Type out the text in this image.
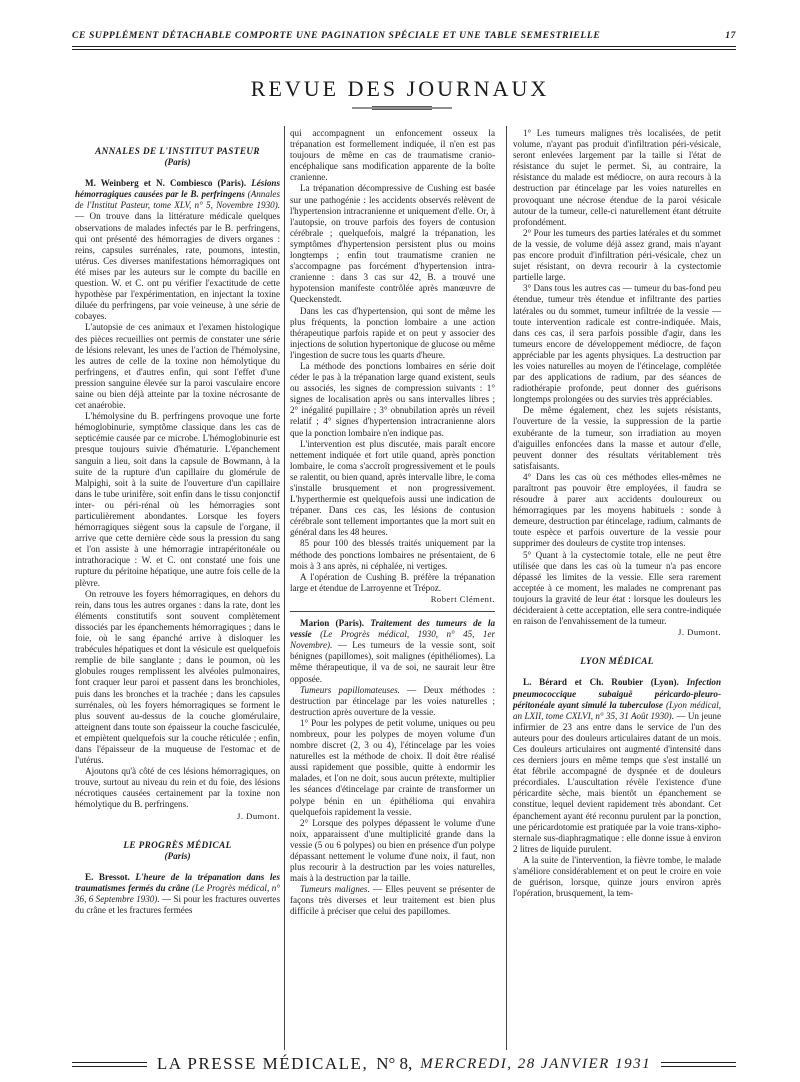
CE SUPPLÉMENT DÉTACHABLE COMPORTE UNE PAGINATION SPÉCIALE ET UNE TABLE SEMESTRIELLE	17
REVUE DES JOURNAUX
ANNALES DE L'INSTITUT PASTEUR
(Paris)

M. Weinberg et N. Combiesco (Paris). Lésions hémorragiques causées par le B. perfringens (Annales de l'Institut Pasteur, tome XLV, n° 5, Novembre 1930). — On trouve dans la littérature médicale quelques observations de malades infectés par le B. perfringens, qui ont présenté des hémorragies de divers organes : reins, capsules surrénales, rate, poumons, intestin, utérus. Ces diverses manifestations hémorragiques ont été mises par les auteurs sur le compte du bacille en question. W. et C. ont pu vérifier l'exactitude de cette hypothèse par l'expérimentation, en injectant la toxine diluée du perfringens, par voie veineuse, à une série de cobayes.

L'autopsie de ces animaux et l'examen histologique des pièces recueillies ont permis de constater une série de lésions relevant, les unes de l'action de l'hémolysine, les autres de celle de la toxine non hémolytique du perfringens, et d'autres enfin, qui sont l'effet d'une pression sanguine élevée sur la paroi vasculaire encore saine ou bien déjà atteinte par la toxine nécrosante de cet anaérobie.

L'hémolysine du B. perfringens provoque une forte hémoglobinurie, symptôme classique dans les cas de septicémie causée par ce microbe. L'hémoglobinurie est presque toujours suivie d'hématurie. L'épanchement sanguin a lieu, soit dans la capsule de Bowmann, à la suite de la rupture d'un capillaire du glomérule de Malpighi, soit à la suite de l'ouverture d'un capillaire dans le tube urinifère, soit enfin dans le tissu conjonctif inter- ou péri-rénal où les hémorragies sont particulièrement abondantes. Lorsque les foyers hémorragiques siègent sous la capsule de l'organe, il arrive que cette dernière cède sous la pression du sang et l'on assiste à une hémorragie intrapéritonéale ou intrathoracique : W. et C. ont constaté une fois une rupture du péritoine hépatique, une autre fois celle de la plèvre.

On retrouve les foyers hémorragiques, en dehors du rein, dans tous les autres organes : dans la rate, dont les éléments constitutifs sont souvent complètement dissociés par les épanchements hémorragiques ; dans le foie, où le sang épanché arrive à disloquer les trabécules hépatiques et dont la vésicule est quelquefois remplie de bile sanglante ; dans le poumon, où les globules rouges remplissent les alvéoles pulmonaires, font craquer leur paroi et passent dans les bronchioles, puis dans les bronches et la trachée ; dans les capsules surrénales, où les foyers hémorragiques se forment le plus souvent au-dessus de la couche glomérulaire, atteignent dans toute son épaisseur la couche fasciculée, et empiètent quelquefois sur la couche réticulée ; enfin, dans l'épaisseur de la muqueuse de l'estomac et de l'utérus.

Ajoutons qu'à côté de ces lésions hémorragiques, on trouve, surtout au niveau du rein et du foie, des lésions nécrotiques causées certainement par la toxine non hémolytique du B. perfringens.

J. Dumont.
LE PROGRÈS MÉDICAL
(Paris)

E. Bressot. L'heure de la trépanation dans les traumatismes fermés du crâne (Le Progrès médical, n° 36, 6 Septembre 1930). — Si pour les fractures ouvertes du crâne et les fractures fermées

qui accompagnent un enfoncement osseux la trépanation est formellement indiquée, il n'en est pas toujours de même en cas de traumatisme cranio-encéphalique sans modification apparente de la boîte cranienne.

La trépanation décompressive de Cushing est basée sur une pathogénie : les accidents observés relèvent de l'hypertension intracranienne et uniquement d'elle. Or, à l'autopsie, on trouve parfois des foyers de contusion cérébrale ; quelquefois, malgré la trépanation, les symptômes d'hypertension persistent plus ou moins longtemps ; enfin tout traumatisme cranien ne s'accompagne pas forcément d'hypertension intra-cranienne : dans 3 cas sur 42, B. a trouvé une hypotension manifeste contrôlée après manœuvre de Queckenstedt.

Dans les cas d'hypertension, qui sont de même les plus fréquents, la ponction lombaire a une action thérapeutique parfois rapide et on peut y associer des injections de solution hypertonique de glucose ou même l'ingestion de sucre tous les quarts d'heure.

La méthode des ponctions lombaires en série doit céder le pas à la trépanation large quand existent, seuls ou associés, les signes de compression suivants : 1° signes de localisation après ou sans intervalles libres ; 2° inégalité pupillaire ; 3° obnubilation après un réveil relatif ; 4° signes d'hypertension intracranienne alors que la ponction lombaire n'en indique pas.

L'intervention est plus discutée, mais paraît encore nettement indiquée et fort utile quand, après ponction lombaire, le coma s'accroît progressivement et le pouls se ralentit, ou bien quand, après intervalle libre, le coma s'installe brusquement et non progressivement. L'hyperthermie est quelquefois aussi une indication de trépaner. Dans ces cas, les lésions de contusion cérébrale sont tellement importantes que la mort suit en général dans les 48 heures.

85 pour 100 des blessés traités uniquement par la méthode des ponctions lombaires ne présentaient, de 6 mois à 3 ans après, ni céphalée, ni vertiges.

A l'opération de Cushing B. préfère la trépanation large et étendue de Larroyenne et Trépoz.

Robert Clément.

Marion (Paris). Traitement des tumeurs de la vessie (Le Progrès médical, 1930, n° 45, 1er Novembre). — Les tumeurs de la vessie sont, soit bénignes (papillomes), soit malignes (épithéliomes). La même thérapeutique, il va de soi, ne saurait leur être opposée.

Tumeurs papillomateuses. — Deux méthodes : destruction par étincelage par les voies naturelles ; destruction après ouverture de la vessie.

1° Pour les polypes de petit volume, uniques ou peu nombreux, pour les polypes de moyen volume d'un nombre discret (2, 3 ou 4), l'étincelage par les voies naturelles est la méthode de choix. Il doit être réalisé aussi rapidement que possible, quitte à endormir les malades, et l'on ne doit, sous aucun prétexte, multiplier les séances d'étincelage par crainte de transformer un polype bénin en un épithélioma qui envahira quelquefois rapidement la vessie.

2° Lorsque des polypes dépassent le volume d'une noix, apparaissent d'une multiplicité grande dans la vessie (5 ou 6 polypes) ou bien en présence d'un polype dépassant nettement le volume d'une noix, il faut, non plus recourir à la destruction par les voies naturelles, mais à la destruction par la taille.

Tumeurs malignes. — Elles peuvent se présenter de façons très diverses et leur traitement est bien plus difficile à préciser que celui des papillomes.

1° Les tumeurs malignes très localisées, de petit volume, n'ayant pas produit d'infiltration péri-vésicale, seront enlevées largement par la taille si l'état de résistance du sujet le permet. Si, au contraire, la résistance du malade est médiocre, on aura recours à la destruction par étincelage par les voies naturelles en provoquant une nécrose étendue de la paroi vésicale autour de la tumeur, celle-ci naturellement étant détruite profondément.

2° Pour les tumeurs des parties latérales et du sommet de la vessie, de volume déjà assez grand, mais n'ayant pas encore produit d'infiltration péri-vésicale, chez un sujet résistant, on devra recourir à la cystectomie partielle large.

3° Dans tous les autres cas — tumeur du bas-fond peu étendue, tumeur très étendue et infiltrante des parties latérales ou du sommet, tumeur infiltrée de la vessie — toute intervention radicale est contre-indiquée. Mais, dans ces cas, il sera parfois possible d'agir, dans les tumeurs encore de développement médiocre, de façon appréciable par les agents physiques. La destruction par les voies naturelles au moyen de l'étincelage, complétée par des applications de radium, par des séances de radiothérapie profonde, peut donner des guérisons longtemps prolongées ou des survies très appréciables.

De même également, chez les sujets résistants, l'ouverture de la vessie, la suppression de la partie exubérante de la tumeur, son irradiation au moyen d'aiguilles enfoncées dans la masse et autour d'elle, peuvent donner des résultats véritablement très satisfaisants.

4° Dans les cas où ces méthodes elles-mêmes ne paraîtront pas pouvoir être employées, il faudra se résoudre à parer aux accidents douloureux ou hémorragiques par les moyens habituels : sonde à demeure, destruction par étincelage, radium, calmants de toute espèce et parfois ouverture de la vessie pour supprimer des douleurs de cystite trop intenses.

5° Quant à la cystectomie totale, elle ne peut être utilisée que dans les cas où la tumeur n'a pas encore dépassé les limites de la vessie. Elle sera rarement acceptée à ce moment, les malades ne comprenant pas toujours la gravité de leur état : lorsque les douleurs les décideraient à cette acceptation, elle sera contre-indiquée en raison de l'envahissement de la tumeur.

J. Dumont.
LYON MÉDICAL

L. Bérard et Ch. Roubier (Lyon). Infection pneumococcique subaiguë péricardo-pleuro-péritonéale ayant simulé la tuberculose (Lyon médical, an LXII, tome CXLVI, n° 35, 31 Août 1930). — Un jeune infirmier de 23 ans entre dans le service de l'un des auteurs pour des douleurs articulaires datant de un mois. Ces douleurs articulaires ont augmenté d'intensité dans ces derniers jours en même temps que s'est installé un état fébrile accompagné de dyspnée et de douleurs précordiales. L'auscultation révèle l'existence d'une péricardite sèche, mais bientôt un épanchement se constitue, lequel devient rapidement très abondant. Cet épanchement ayant été reconnu purulent par la ponction, une péricardotomie est pratiquée par la voie trans-xipho-sternale sus-diaphragmatique : elle donne issue à environ 2 litres de liquide purulent.

A la suite de l'intervention, la fièvre tombe, le malade s'améliore considérablement et on peut le croire en voie de guérison, lorsque, quinze jours environ après l'opération, brusquement, la tem-

LA PRESSE MÉDICALE, N° 8, MERCREDI, 28 JANVIER 1931
